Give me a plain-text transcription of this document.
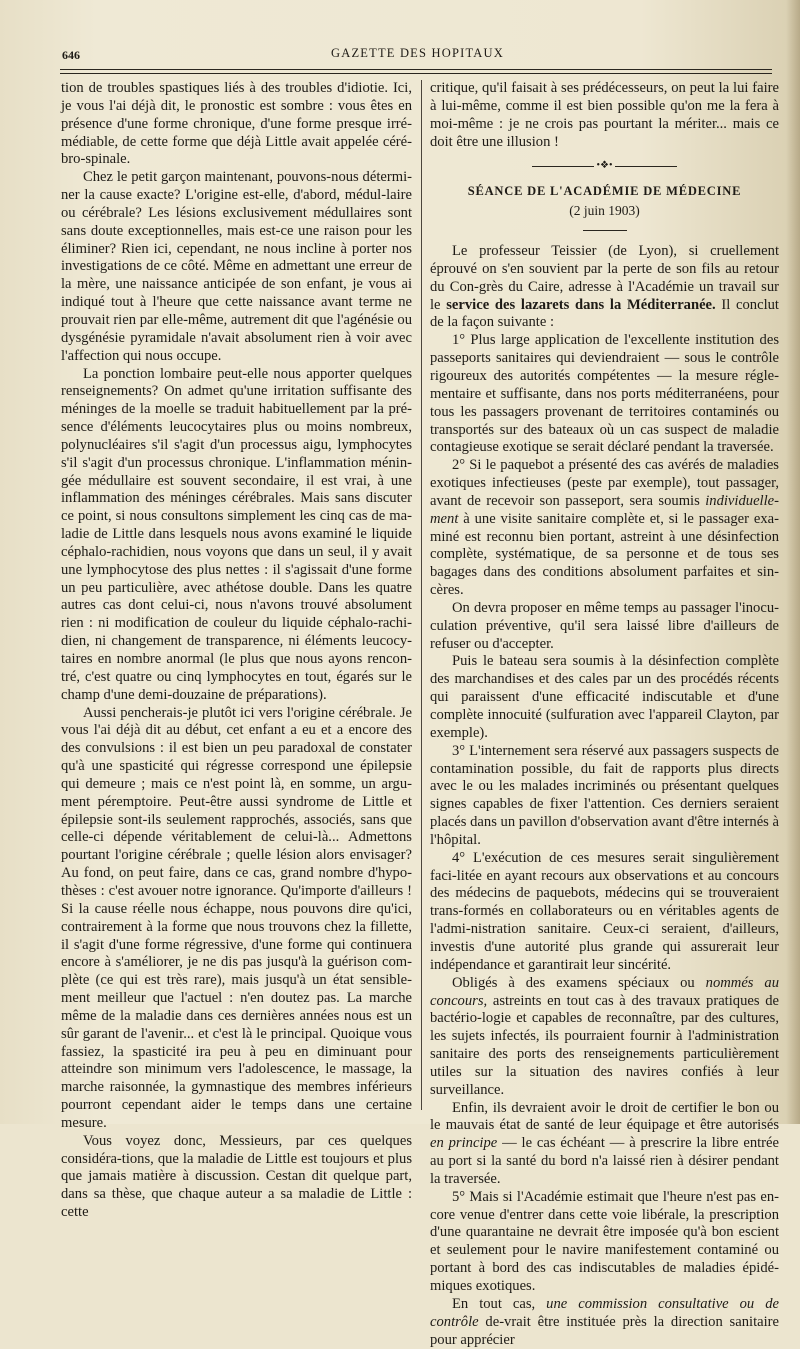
646	GAZETTE DES HOPITAUX

tion de troubles spastiques liés à des troubles d'idiotie. Ici, je vous l'ai déjà dit, le pronostic est sombre : vous êtes en présence d'une forme chronique, d'une forme presque irré-médiable, de cette forme que déjà Little avait appelée céré-bro-spinale.

Chez le petit garçon maintenant, pouvons-nous détermi-ner la cause exacte? L'origine est-elle, d'abord, médul-laire ou cérébrale? Les lésions exclusivement médullaires sont sans doute exceptionnelles, mais est-ce une raison pour les éliminer? Rien ici, cependant, ne nous incline à porter nos investigations de ce côté. Même en admettant une erreur de la mère, une naissance anticipée de son enfant, je vous ai indiqué tout à l'heure que cette naissance avant terme ne prouvait rien par elle-même, autrement dit que l'agénésie ou dysgénésie pyramidale n'avait absolument rien à voir avec l'affection qui nous occupe.

La ponction lombaire peut-elle nous apporter quelques renseignements? On admet qu'une irritation suffisante des méninges de la moelle se traduit habituellement par la pré-sence d'éléments leucocytaires plus ou moins nombreux, polynucléaires s'il s'agit d'un processus aigu, lymphocytes s'il s'agit d'un processus chronique. L'inflammation ménin-gée médullaire est souvent secondaire, il est vrai, à une inflammation des méninges cérébrales. Mais sans discuter ce point, si nous consultons simplement les cinq cas de ma-ladie de Little dans lesquels nous avons examiné le liquide céphalo-rachidien, nous voyons que dans un seul, il y avait une lymphocytose des plus nettes : il s'agissait d'une forme un peu particulière, avec athétose double. Dans les quatre autres cas dont celui-ci, nous n'avons trouvé absolument rien : ni modification de couleur du liquide céphalo-rachi-dien, ni changement de transparence, ni éléments leucocy-taires en nombre anormal (le plus que nous ayons rencon-tré, c'est quatre ou cinq lymphocytes en tout, égarés sur le champ d'une demi-douzaine de préparations).

Aussi pencherais-je plutôt ici vers l'origine cérébrale. Je vous l'ai déjà dit au début, cet enfant a eu et a encore des des convulsions : il est bien un peu paradoxal de constater qu'à une spasticité qui régresse correspond une épilepsie qui demeure ; mais ce n'est point là, en somme, un argu-ment péremptoire. Peut-être aussi syndrome de Little et épilepsie sont-ils seulement rapprochés, associés, sans que celle-ci dépende véritablement de celui-là... Admettons pourtant l'origine cérébrale ; quelle lésion alors envisager? Au fond, on peut faire, dans ce cas, grand nombre d'hypo-thèses : c'est avouer notre ignorance. Qu'importe d'ailleurs ! Si la cause réelle nous échappe, nous pouvons dire qu'ici, contrairement à la forme que nous trouvons chez la fillette, il s'agit d'une forme régressive, d'une forme qui continuera encore à s'améliorer, je ne dis pas jusqu'à la guérison com-plète (ce qui est très rare), mais jusqu'à un état sensible-ment meilleur que l'actuel : n'en doutez pas. La marche même de la maladie dans ces dernières années nous est un sûr garant de l'avenir... et c'est là le principal. Quoique vous fassiez, la spasticité ira peu à peu en diminuant pour atteindre son minimum vers l'adolescence, le massage, la marche raisonnée, la gymnastique des membres inférieurs pourront cependant aider le temps dans une certaine mesure.

Vous voyez donc, Messieurs, par ces quelques considéra-tions, que la maladie de Little est toujours et plus que jamais matière à discussion. Cestan dit quelque part, dans sa thèse, que chaque auteur a sa maladie de Little : cette

critique, qu'il faisait à ses prédécesseurs, on peut la lui faire à lui-même, comme il est bien possible qu'on me la fera à moi-même : je ne crois pas pourtant la mériter... mais ce doit être une illusion !

•❖•
SÉANCE DE L'ACADÉMIE DE MÉDECINE
(2 juin 1903)

Le professeur Teissier (de Lyon), si cruellement éprouvé on s'en souvient par la perte de son fils au retour du Con-grès du Caire, adresse à l'Académie un travail sur le service des lazarets dans la Méditerranée. Il conclut de la façon suivante :

1° Plus large application de l'excellente institution des passeports sanitaires qui deviendraient — sous le contrôle rigoureux des autorités compétentes — la mesure régle-mentaire et suffisante, dans nos ports méditerranéens, pour tous les passagers provenant de territoires contaminés ou transportés sur des bateaux où un cas suspect de maladie contagieuse exotique se serait déclaré pendant la traversée.

2° Si le paquebot a présenté des cas avérés de maladies exotiques infectieuses (peste par exemple), tout passager, avant de recevoir son passeport, sera soumis individuelle-ment à une visite sanitaire complète et, si le passager exa-miné est reconnu bien portant, astreint à une désinfection complète, systématique, de sa personne et de tous ses bagages dans des conditions absolument parfaites et sin-cères.

On devra proposer en même temps au passager l'inocu-culation préventive, qu'il sera laissé libre d'ailleurs de refuser ou d'accepter.

Puis le bateau sera soumis à la désinfection complète des marchandises et des cales par un des procédés récents qui paraissent d'une efficacité indiscutable et d'une complète innocuité (sulfuration avec l'appareil Clayton, par exemple).

3° L'internement sera réservé aux passagers suspects de contamination possible, du fait de rapports plus directs avec le ou les malades incriminés ou présentant quelques signes capables de fixer l'attention. Ces derniers seraient placés dans un pavillon d'observation avant d'être internés à l'hôpital.

4° L'exécution de ces mesures serait singulièrement faci-litée en ayant recours aux observations et au concours des médecins de paquebots, médecins qui se trouveraient trans-formés en collaborateurs ou en véritables agents de l'admi-nistration sanitaire. Ceux-ci seraient, d'ailleurs, investis d'une autorité plus grande qui assurerait leur indépendance et garantirait leur sincérité.

Obligés à des examens spéciaux ou nommés au concours, astreints en tout cas à des travaux pratiques de bactério-logie et capables de reconnaître, par des cultures, les sujets infectés, ils pourraient fournir à l'administration sanitaire des ports des renseignements particulièrement utiles sur la situation des navires confiés à leur surveillance.

Enfin, ils devraient avoir le droit de certifier le bon ou le mauvais état de santé de leur équipage et être autorisés en principe — le cas échéant — à prescrire la libre entrée au port si la santé du bord n'a laissé rien à désirer pendant la traversée.

5° Mais si l'Académie estimait que l'heure n'est pas en-core venue d'entrer dans cette voie libérale, la prescription d'une quarantaine ne devrait être imposée qu'à bon escient et seulement pour le navire manifestement contaminé ou portant à bord des cas indiscutables de maladies épidé-miques exotiques.

En tout cas, une commission consultative ou de contrôle de-vrait être instituée près la direction sanitaire pour apprécier
